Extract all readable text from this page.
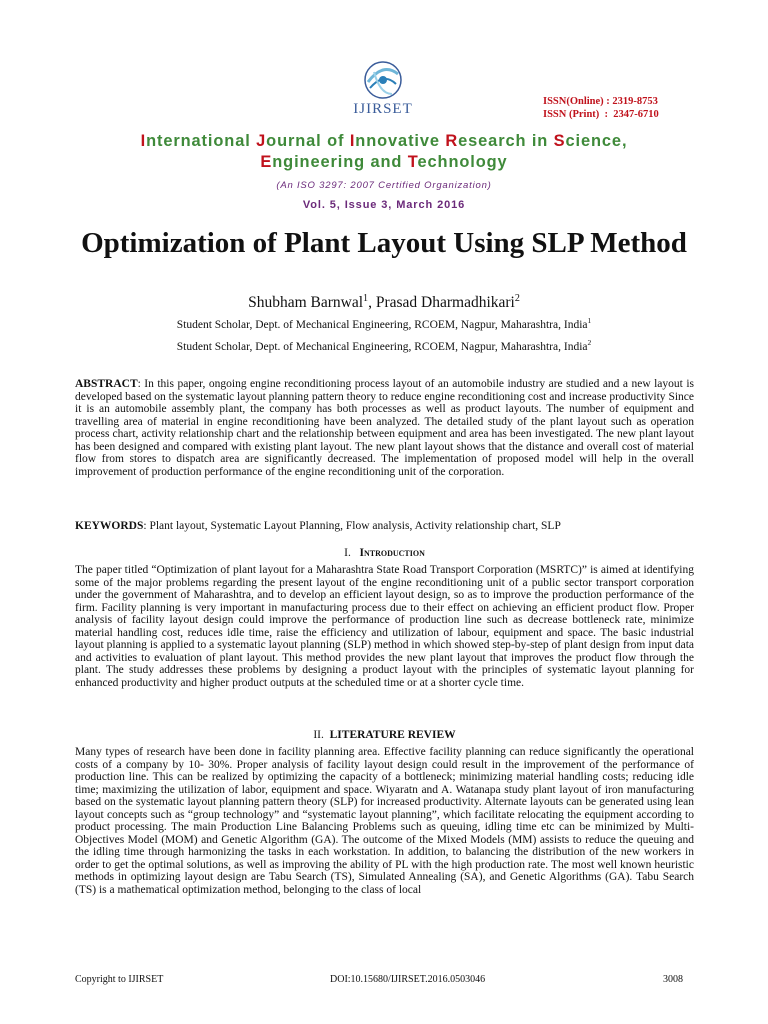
IJIRSET	ISSN(Online) : 2319-8753
ISSN (Print)  :  2347-6710
International Journal of Innovative Research in Science,
Engineering and Technology
(An ISO 3297: 2007 Certified Organization)
Vol. 5, Issue 3, March 2016
Optimization of Plant Layout Using SLP Method
Shubham Barnwal$^1$, Prasad Dharmadhikari$^2$
Student Scholar, Dept. of Mechanical Engineering, RCOEM, Nagpur, Maharashtra, India$^1$
Student Scholar, Dept. of Mechanical Engineering, RCOEM, Nagpur, Maharashtra, India$^2$
ABSTRACT: In this paper, ongoing engine reconditioning process layout of an automobile industry are studied and a new layout is developed based on the systematic layout planning pattern theory to reduce engine reconditioning cost and increase productivity Since it is an automobile assembly plant, the company has both processes as well as product layouts. The number of equipment and travelling area of material in engine reconditioning have been analyzed. The detailed study of the plant layout such as operation process chart, activity relationship chart and the relationship between equipment and area has been investigated. The new plant layout has been designed and compared with existing plant layout. The new plant layout shows that the distance and overall cost of material flow from stores to dispatch area are significantly decreased. The implementation of proposed model will help in the overall improvement of production performance of the engine reconditioning unit of the corporation.
KEYWORDS: Plant layout, Systematic Layout Planning, Flow analysis, Activity relationship chart, SLP
I. Introduction
The paper titled “Optimization of plant layout for a Maharashtra State Road Transport Corporation (MSRTC)” is aimed at identifying some of the major problems regarding the present layout of the engine reconditioning unit of a public sector transport corporation under the government of Maharashtra, and to develop an efficient layout design, so as to improve the production performance of the firm. Facility planning is very important in manufacturing process due to their effect on achieving an efficient product flow. Proper analysis of facility layout design could improve the performance of production line such as decrease bottleneck rate, minimize material handling cost, reduces idle time, raise the efficiency and utilization of labour, equipment and space. The basic industrial layout planning is applied to a systematic layout planning (SLP) method in which showed step-by-step of plant design from input data and activities to evaluation of plant layout. This method provides the new plant layout that improves the product flow through the plant. The study addresses these problems by designing a product layout with the principles of systematic layout planning for enhanced productivity and higher product outputs at the scheduled time or at a shorter cycle time.
II. LITERATURE REVIEW
Many types of research have been done in facility planning area. Effective facility planning can reduce significantly the operational costs of a company by 10- 30%. Proper analysis of facility layout design could result in the improvement of the performance of production line. This can be realized by optimizing the capacity of a bottleneck; minimizing material handling costs; reducing idle time; maximizing the utilization of labor, equipment and space. Wiyaratn and A. Watanapa study plant layout of iron manufacturing based on the systematic layout planning pattern theory (SLP) for increased productivity. Alternate layouts can be generated using lean layout concepts such as “group technology” and “systematic layout planning”, which facilitate relocating the equipment according to product processing. The main Production Line Balancing Problems such as queuing, idling time etc can be minimized by Multi-Objectives Model (MOM) and Genetic Algorithm (GA). The outcome of the Mixed Models (MM) assists to reduce the queuing and the idling time through harmonizing the tasks in each workstation. In addition, to balancing the distribution of the new workers in order to get the optimal solutions, as well as improving the ability of PL with the high production rate. The most well known heuristic methods in optimizing layout design are Tabu Search (TS), Simulated Annealing (SA), and Genetic Algorithms (GA). Tabu Search (TS) is a mathematical optimization method, belonging to the class of local
Copyright to IJIRSET	DOI:10.15680/IJIRSET.2016.0503046	3008
